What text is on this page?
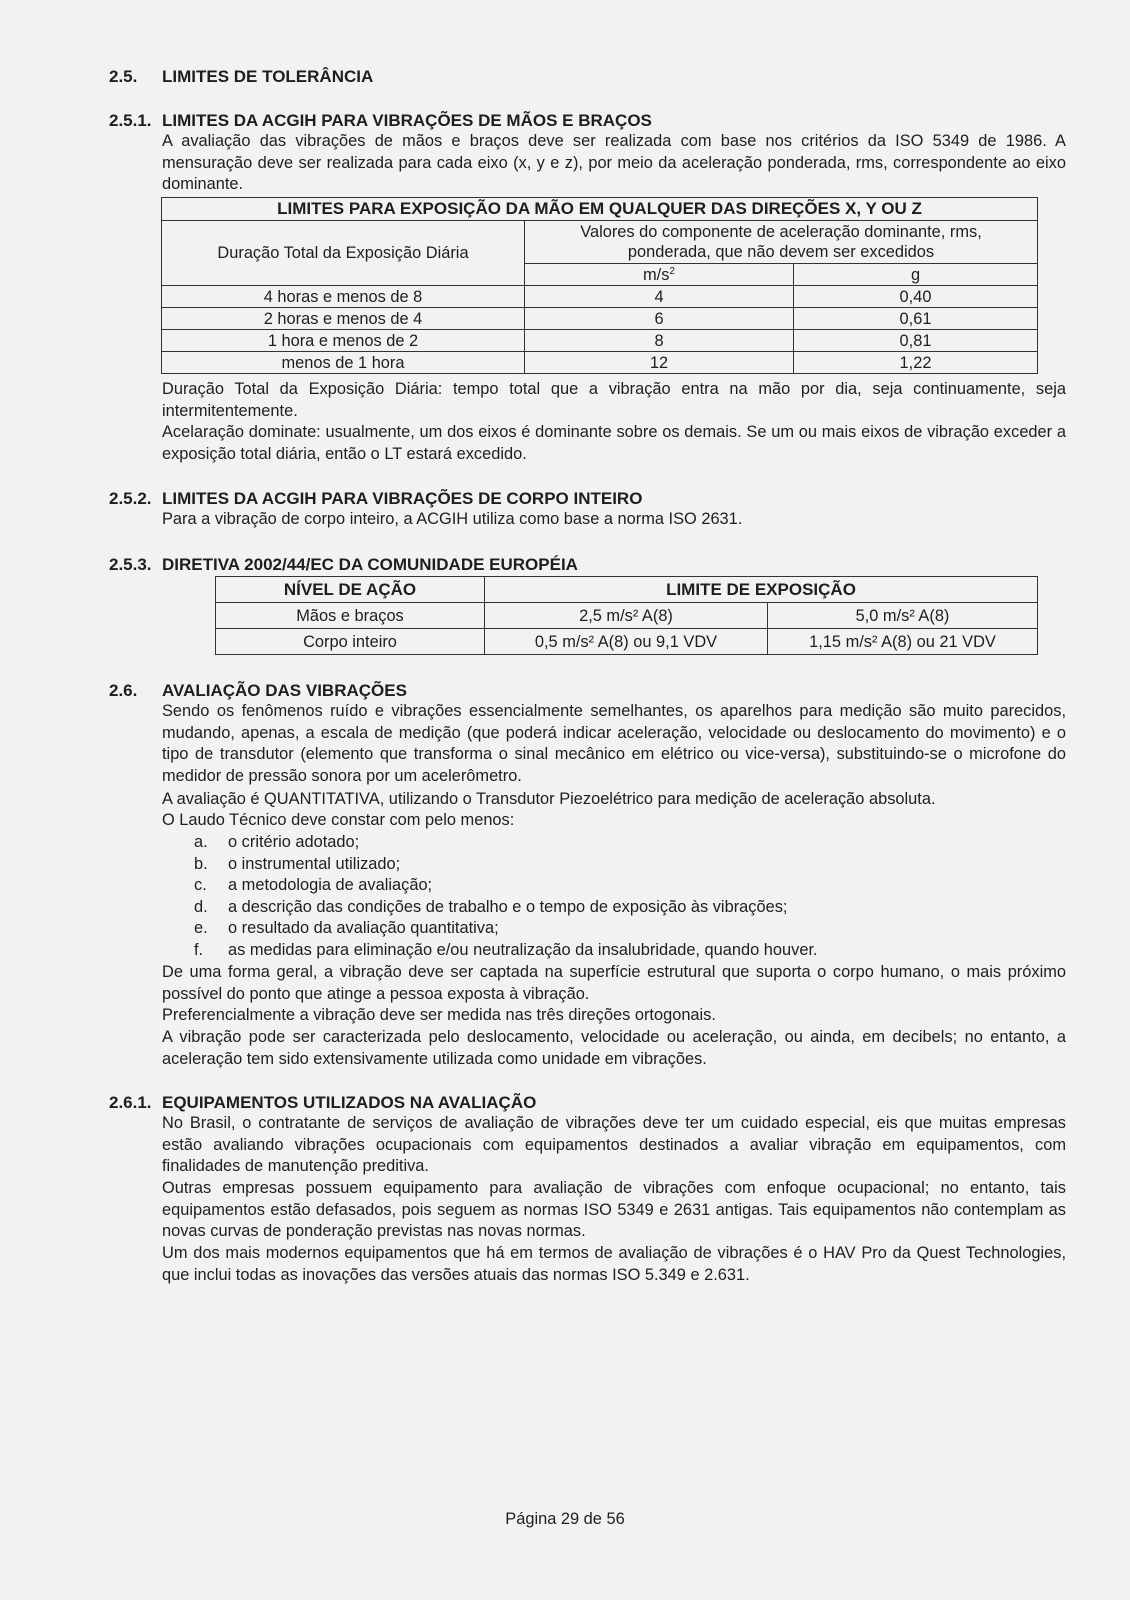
2.5. LIMITES DE TOLERÂNCIA
2.5.1. LIMITES DA ACGIH PARA VIBRAÇÕES DE MÃOS E BRAÇOS

A avaliação das vibrações de mãos e braços deve ser realizada com base nos critérios da ISO 5349 de 1986. A mensuração deve ser realizada para cada eixo (x, y e z), por meio da aceleração ponderada, rms, correspondente ao eixo dominante.

LIMITES PARA EXPOSIÇÃO DA MÃO EM QUALQUER DAS DIREÇÕES X, Y OU Z		
Duração Total da Exposição Diária	Valores do componente de aceleração dominante, rms, ponderada, que não devem ser excedidos	
	$m/s^2$	g
4 horas e menos de 8	4	0,40
2 horas e menos de 4	6	0,61
1 hora e menos de 2	8	0,81
menos de 1 hora	12	1,22

Duração Total da Exposição Diária: tempo total que a vibração entra na mão por dia, seja continuamente, seja intermitentemente.

Acelaração dominate: usualmente, um dos eixos é dominante sobre os demais. Se um ou mais eixos de vibração exceder a exposição total diária, então o LT estará excedido.

2.5.2. LIMITES DA ACGIH PARA VIBRAÇÕES DE CORPO INTEIRO

Para a vibração de corpo inteiro, a ACGIH utiliza como base a norma ISO 2631.

2.5.3. DIRETIVA 2002/44/EC DA COMUNIDADE EUROPÉIA
NÍVEL DE AÇÃO	LIMITE DE EXPOSIÇÃO	
Mãos e braços	2,5 m/s² A(8)	5,0 m/s² A(8)
Corpo inteiro	0,5 m/s² A(8) ou 9,1 VDV	1,15 m/s² A(8) ou 21 VDV
2.6. AVALIAÇÃO DAS VIBRAÇÕES

Sendo os fenômenos ruído e vibrações essencialmente semelhantes, os aparelhos para medição são muito parecidos, mudando, apenas, a escala de medição (que poderá indicar aceleração, velocidade ou deslocamento do movimento) e o tipo de transdutor (elemento que transforma o sinal mecânico em elétrico ou vice-versa), substituindo-se o microfone do medidor de pressão sonora por um acelerômetro.

A avaliação é QUANTITATIVA, utilizando o Transdutor Piezoelétrico para medição de aceleração absoluta.

O Laudo Técnico deve constar com pelo menos:

a. o critério adotado;
b. o instrumental utilizado;
c. a metodologia de avaliação;
d. a descrição das condições de trabalho e o tempo de exposição às vibrações;
e. o resultado da avaliação quantitativa;
f. as medidas para eliminação e/ou neutralização da insalubridade, quando houver.

De uma forma geral, a vibração deve ser captada na superfície estrutural que suporta o corpo humano, o mais próximo possível do ponto que atinge a pessoa exposta à vibração.

Preferencialmente a vibração deve ser medida nas três direções ortogonais.

A vibração pode ser caracterizada pelo deslocamento, velocidade ou aceleração, ou ainda, em decibels; no entanto, a aceleração tem sido extensivamente utilizada como unidade em vibrações.

2.6.1. EQUIPAMENTOS UTILIZADOS NA AVALIAÇÃO

No Brasil, o contratante de serviços de avaliação de vibrações deve ter um cuidado especial, eis que muitas empresas estão avaliando vibrações ocupacionais com equipamentos destinados a avaliar vibração em equipamentos, com finalidades de manutenção preditiva.

Outras empresas possuem equipamento para avaliação de vibrações com enfoque ocupacional; no entanto, tais equipamentos estão defasados, pois seguem as normas ISO 5349 e 2631 antigas. Tais equipamentos não contemplam as novas curvas de ponderação previstas nas novas normas.

Um dos mais modernos equipamentos que há em termos de avaliação de vibrações é o HAV Pro da Quest Technologies, que inclui todas as inovações das versões atuais das normas ISO 5.349 e 2.631.

Página 29 de 56
